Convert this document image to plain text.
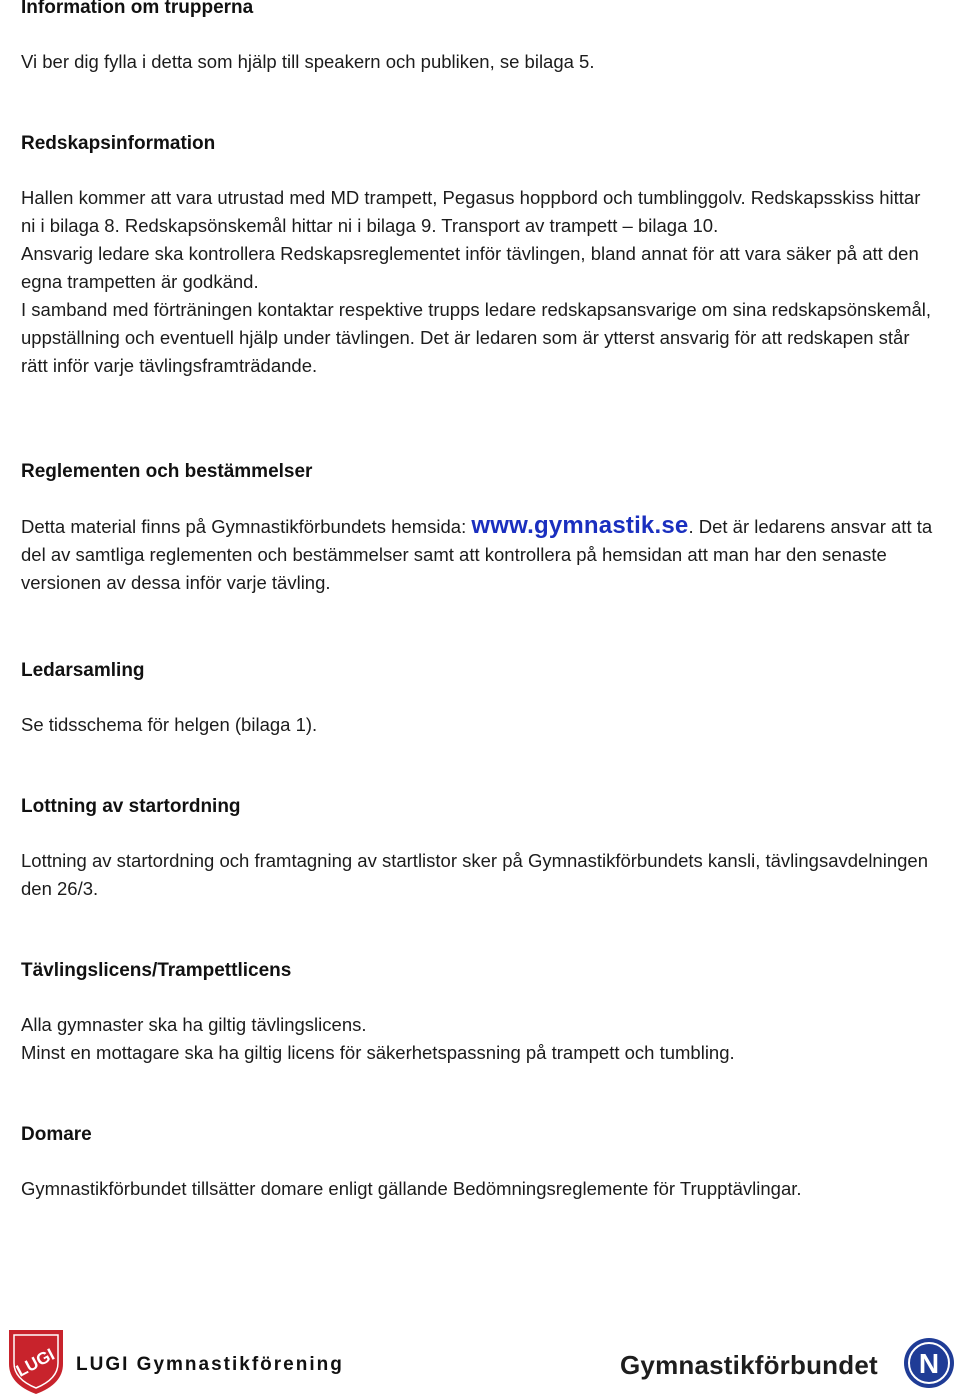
Information om trupperna

Vi ber dig fylla i detta som hjälp till speakern och publiken, se bilaga 5.

Redskapsinformation

Hallen kommer att vara utrustad med MD trampett, Pegasus hoppbord och tumblinggolv. Redskapsskiss hittar ni i bilaga 8. Redskapsönskemål hittar ni i bilaga 9. Transport av trampett – bilaga 10.

Ansvarig ledare ska kontrollera Redskapsreglementet inför tävlingen, bland annat för att vara säker på att den egna trampetten är godkänd.

I samband med förträningen kontaktar respektive trupps ledare redskapsansvarige om sina redskapsönskemål, uppställning och eventuell hjälp under tävlingen. Det är ledaren som är ytterst ansvarig för att redskapen står rätt inför varje tävlingsframträdande.

Reglementen och bestämmelser

Detta material finns på Gymnastikförbundets hemsida: www.gymnastik.se. Det är ledarens ansvar att ta del av samtliga reglementen och bestämmelser samt att kontrollera på hemsidan att man har den senaste versionen av dessa inför varje tävling.

Ledarsamling

Se tidsschema för helgen (bilaga 1).

Lottning av startordning

Lottning av startordning och framtagning av startlistor sker på Gymnastikförbundets kansli, tävlingsavdelningen den 26/3.

Tävlingslicens/Trampettlicens

Alla gymnaster ska ha giltig tävlingslicens.

Minst en mottagare ska ha giltig licens för säkerhetspassning på trampett och tumbling.

Domare

Gymnastikförbundet tillsätter domare enligt gällande Bedömningsreglemente för Trupptävlingar.

LUGI LUGI Gymnastikförening	Gymnastikförbundet N
